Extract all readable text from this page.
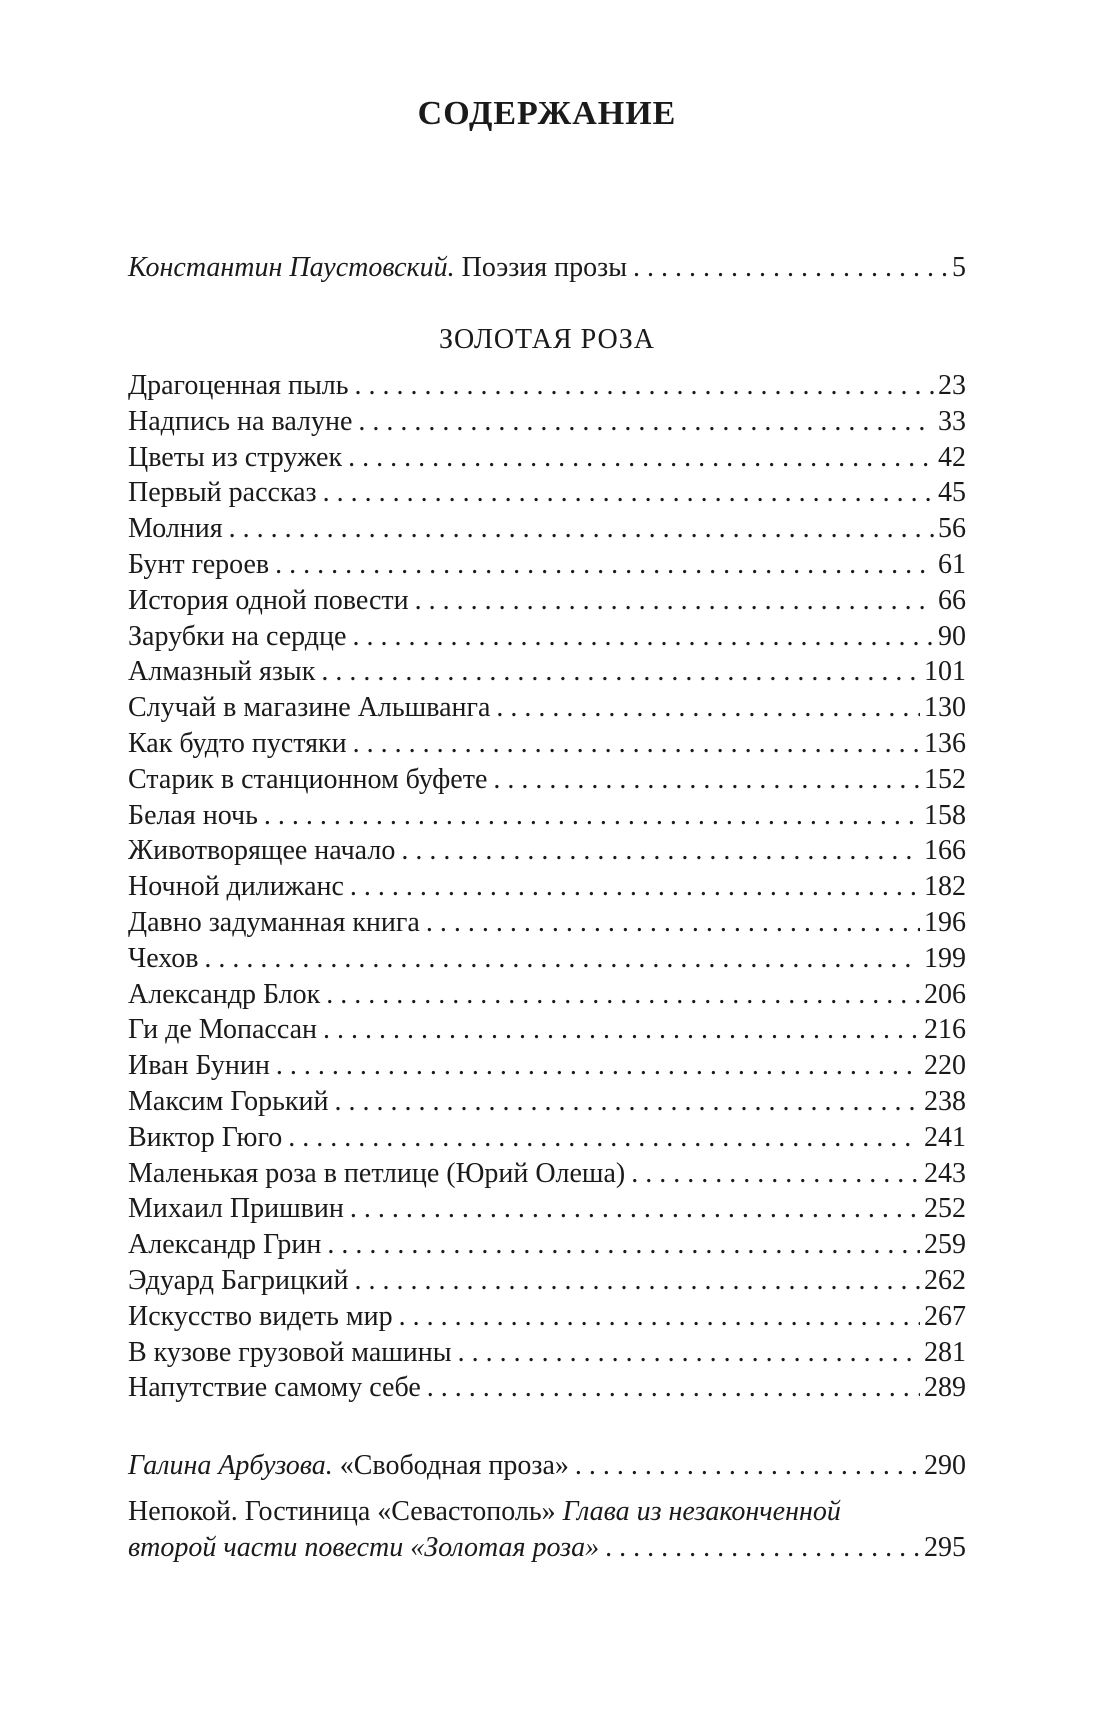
СОДЕРЖАНИЕ
Константин Паустовский. Поэзия прозы . . .	5
ЗОЛОТАЯ РОЗА
Драгоценная пыль . . .	23
Надпись на валуне . . .	33
Цветы из стружек . . .	42
Первый рассказ . . .	45
Молния . . .	56
Бунт героев . . .	61
История одной повести . . .	66
Зарубки на сердце . . .	90
Алмазный язык . . .	101
Случай в магазине Альшванга . . .	130
Как будто пустяки . . .	136
Старик в станционном буфете . . .	152
Белая ночь . . .	158
Животворящее начало . . .	166
Ночной дилижанс . . .	182
Давно задуманная книга . . .	196
Чехов . . .	199
Александр Блок . . .	206
Ги де Мопассан . . .	216
Иван Бунин . . .	220
Максим Горький . . .	238
Виктор Гюго . . .	241
Маленькая роза в петлице (Юрий Олеша) . . .	243
Михаил Пришвин . . .	252
Александр Грин . . .	259
Эдуард Багрицкий . . .	262
Искусство видеть мир . . .	267
В кузове грузовой машины . . .	281
Напутствие самому себе . . .	289
Галина Арбузова. «Свободная проза» . . .	290
Непокой. Гостиница «Севастополь» Глава из незаконченной
второй части повести «Золотая роза» . . .	295
